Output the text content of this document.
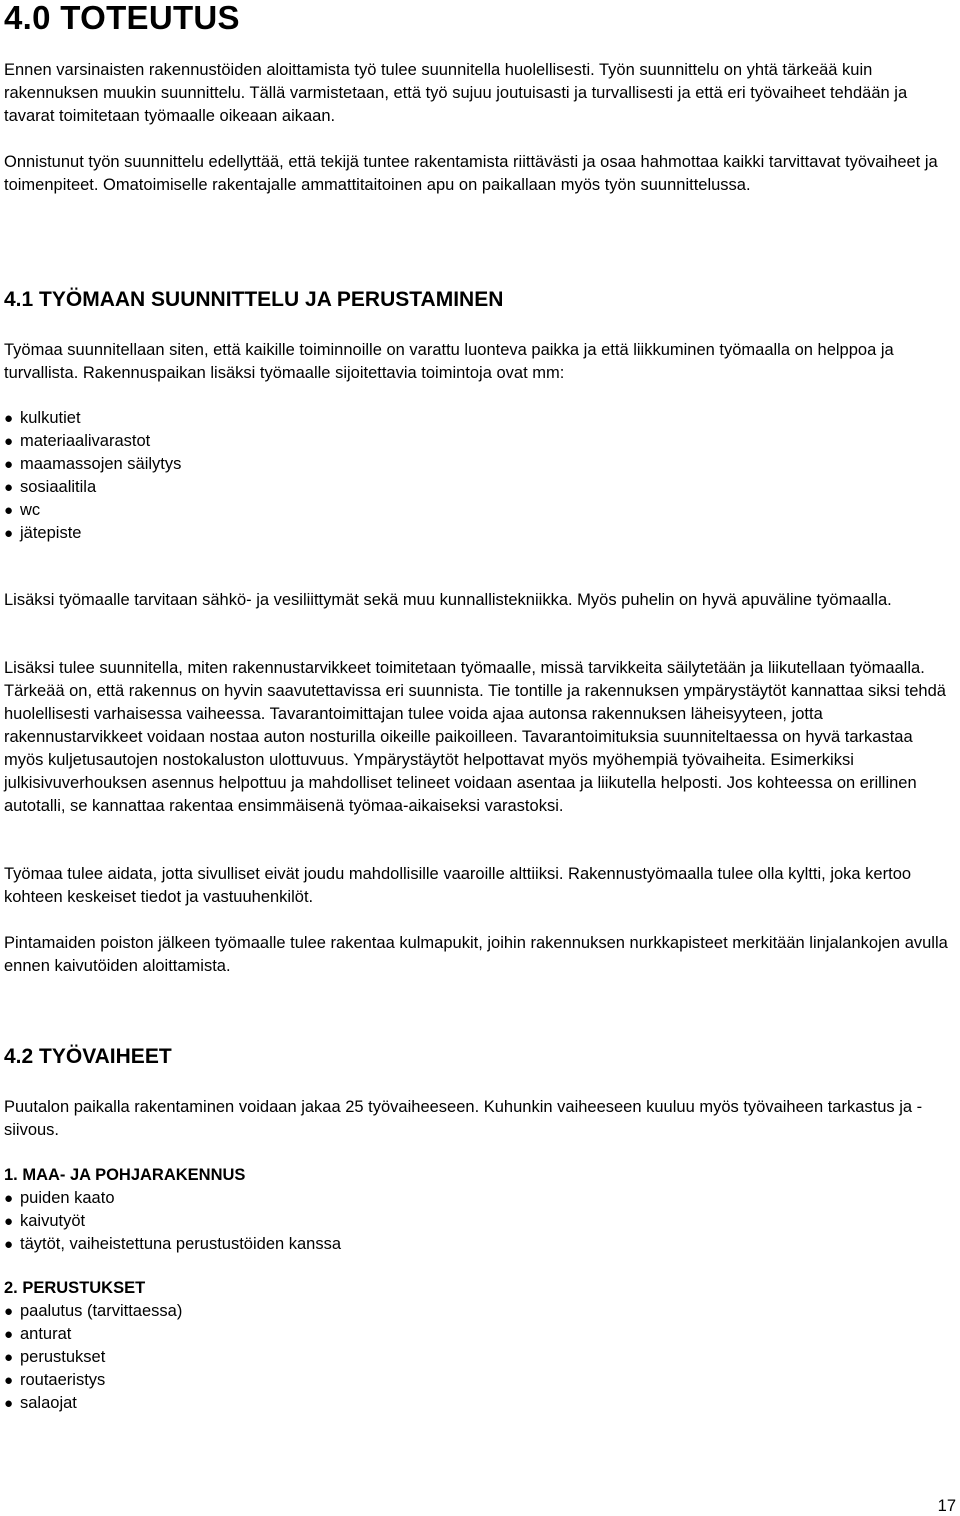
4.0 TOTEUTUS

Ennen varsinaisten rakennustöiden aloittamista työ tulee suunnitella huolellisesti. Työn suunnittelu on yhtä tärkeää kuin rakennuksen muukin suunnittelu. Tällä varmistetaan, että työ sujuu joutuisasti ja turvallisesti ja että eri työvaiheet tehdään ja tavarat toimitetaan työmaalle oikeaan aikaan.

Onnistunut työn suunnittelu edellyttää, että tekijä tuntee rakentamista riittävästi ja osaa hahmottaa kaikki tarvittavat työvaiheet ja toimenpiteet. Omatoimiselle rakentajalle ammattitaitoinen apu on paikallaan myös työn suunnittelussa.

4.1 TYÖMAAN SUUNNITTELU JA PERUSTAMINEN

Työmaa suunnitellaan siten, että kaikille toiminnoille on varattu luonteva paikka ja että liikkuminen työmaalla on helppoa ja turvallista. Rakennuspaikan lisäksi työmaalle sijoitettavia toimintoja ovat mm:

● kulkutiet
● materiaalivarastot
● maamassojen säilytys
● sosiaalitila
● wc
● jätepiste

Lisäksi työmaalle tarvitaan sähkö- ja vesiliittymät sekä muu kunnallistekniikka. Myös puhelin on hyvä apuväline työmaalla.

Lisäksi tulee suunnitella, miten rakennustarvikkeet toimitetaan työmaalle, missä tarvikkeita säilytetään ja liikutellaan työmaalla. Tärkeää on, että rakennus on hyvin saavutettavissa eri suunnista. Tie tontille ja rakennuksen ympärystäytöt kannattaa siksi tehdä huolellisesti varhaisessa vaiheessa. Tavarantoimittajan tulee voida ajaa autonsa rakennuksen läheisyyteen, jotta rakennustarvikkeet voidaan nostaa auton nosturilla oikeille paikoilleen. Tavarantoimituksia suunniteltaessa on hyvä tarkastaa myös kuljetusautojen nostokaluston ulottuvuus. Ympärystäytöt helpottavat myös myöhempiä työvaiheita. Esimerkiksi julkisivuverhouksen asennus helpottuu ja mahdolliset telineet voidaan asentaa ja liikutella helposti. Jos kohteessa on erillinen autotalli, se kannattaa rakentaa ensimmäisenä työmaa-aikaiseksi varastoksi.

Työmaa tulee aidata, jotta sivulliset eivät joudu mahdollisille vaaroille alttiiksi. Rakennustyömaalla tulee olla kyltti, joka kertoo kohteen keskeiset tiedot ja vastuuhenkilöt.

Pintamaiden poiston jälkeen työmaalle tulee rakentaa kulmapukit, joihin rakennuksen nurkkapisteet merkitään linjalankojen avulla ennen kaivutöiden aloittamista.

4.2 TYÖVAIHEET

Puutalon paikalla rakentaminen voidaan jakaa 25 työvaiheeseen. Kuhunkin vaiheeseen kuuluu myös työvaiheen tarkastus ja -siivous.

1. MAA- JA POHJARAKENNUS
● puiden kaato
● kaivutyöt
● täytöt, vaiheistettuna perustustöiden kanssa
2. PERUSTUKSET
● paalutus (tarvittaessa)
● anturat
● perustukset
● routaeristys
● salaojat
17
